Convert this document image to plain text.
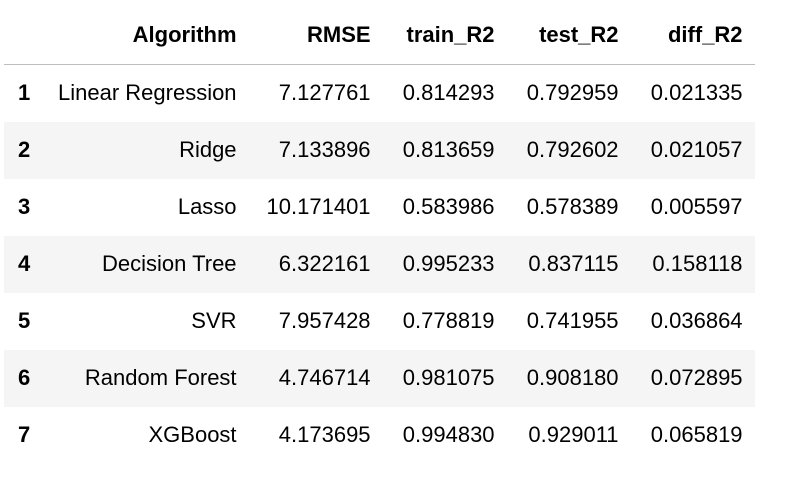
	Algorithm	RMSE	train_R2	test_R2	diff_R2
1	Linear Regression	7.127761	0.814293	0.792959	0.021335
2	Ridge	7.133896	0.813659	0.792602	0.021057
3	Lasso	10.171401	0.583986	0.578389	0.005597
4	Decision Tree	6.322161	0.995233	0.837115	0.158118
5	SVR	7.957428	0.778819	0.741955	0.036864
6	Random Forest	4.746714	0.981075	0.908180	0.072895
7	XGBoost	4.173695	0.994830	0.929011	0.065819
